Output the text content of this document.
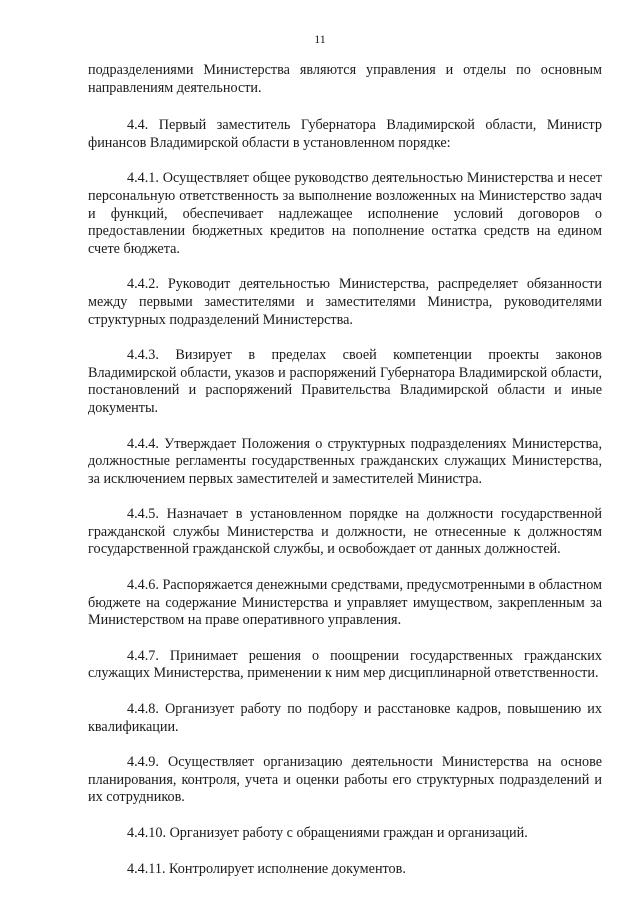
11

подразделениями Министерства являются управления и отделы по основным направлениям деятельности.

4.4. Первый заместитель Губернатора Владимирской области, Министр финансов Владимирской области в установленном порядке:

4.4.1. Осуществляет общее руководство деятельностью Министерства и несет персональную ответственность за выполнение возложенных на Министерство задач и функций, обеспечивает надлежащее исполнение условий договоров о предоставлении бюджетных кредитов на пополнение остатка средств на едином счете бюджета.

4.4.2. Руководит деятельностью Министерства, распределяет обязанности между первыми заместителями и заместителями Министра, руководителями структурных подразделений Министерства.

4.4.3. Визирует в пределах своей компетенции проекты законов Владимирской области, указов и распоряжений Губернатора Владимирской области, постановлений и распоряжений Правительства Владимирской области и иные документы.

4.4.4. Утверждает Положения о структурных подразделениях Министерства, должностные регламенты государственных гражданских служащих Министерства, за исключением первых заместителей и заместителей Министра.

4.4.5. Назначает в установленном порядке на должности государственной гражданской службы Министерства и должности, не отнесенные к должностям государственной гражданской службы, и освобождает от данных должностей.

4.4.6. Распоряжается денежными средствами, предусмотренными в областном бюджете на содержание Министерства и управляет имуществом, закрепленным за Министерством на праве оперативного управления.

4.4.7. Принимает решения о поощрении государственных гражданских служащих Министерства, применении к ним мер дисциплинарной ответственности.

4.4.8. Организует работу по подбору и расстановке кадров, повышению их квалификации.

4.4.9. Осуществляет организацию деятельности Министерства на основе планирования, контроля, учета и оценки работы его структурных подразделений и их сотрудников.

4.4.10. Организует работу с обращениями граждан и организаций.

4.4.11. Контролирует исполнение документов.
